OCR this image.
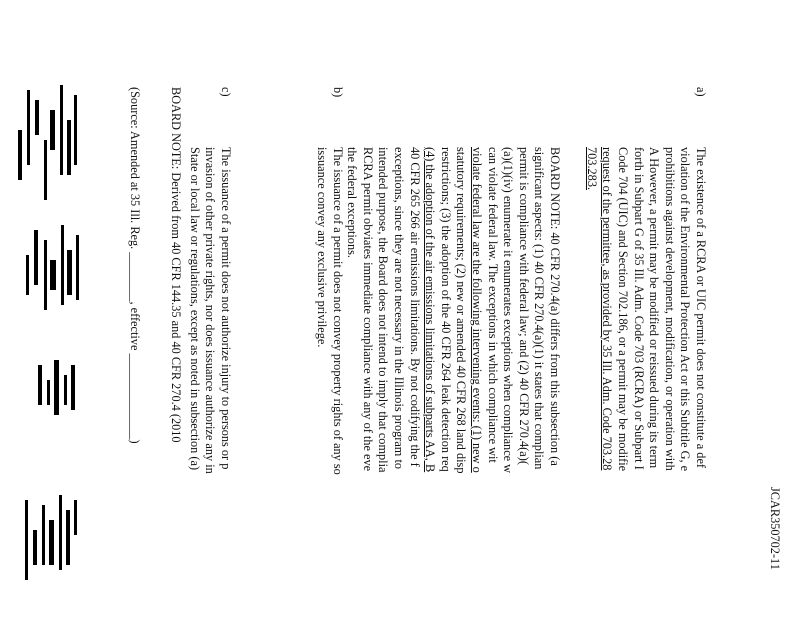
JCAR350702-11
a)
The existence of a RCRA or UIC permit does not constitute a def
violation of the Environmental Protection Act or this Subtitle G, e
prohibitions against development, modification, or operation with
A However, a permit may be modified or reissued during its term
forth in Subpart G of 35 Ill. Adm. Code 703 (RCRA) or Subpart I
Code 704 (UIC) and Section 702.186, or a permit may be modifie
request of the permittee, as provided by 35 Ill. Adm. Code 703.28
703.283.
BOARD NOTE: 40 CFR 270.4(a) differs from this subsection (a
significant aspects: (1) 40 CFR 270.4(a)(1) it states that complian
permit is compliance with federal law; and (2) 40 CFR 270.4(a)(
(a)(1)(iv) enumerate it enumerates exceptions when compliance w
can violate federal law. The exceptions in which compliance wit
violate federal law are the following intervening events: (1) new o
statutory requirements; (2) new or amended 40 CFR 268 land disp
restrictions; (3) the adoption of the 40 CFR 264 leak detection req
(4) the adoption of the air emissions limitations of subparts AA, B
40 CFR 265 266 air emissions limitations. By not codifying the f
exceptions, since they are not necessary in the Illinois program to
intended purpose, the Board does not intend to imply that complia
RCRA permit obviates immediate compliance with any of the eve
the federal exceptions.
b)
The issuance of a permit does not convey property rights of any so
issuance convey any exclusive privilege.
c)
The issuance of a permit does not authorize injury to persons or p
invasion of other private rights, nor does issuance authorize any in
State or local law or regulations, except as noted in subsection (a)
BOARD NOTE: Derived from 40 CFR 144.35 and 40 CFR 270.4 (2010
(Source: Amended at 35 Ill. Reg. ________, effective ______________)
